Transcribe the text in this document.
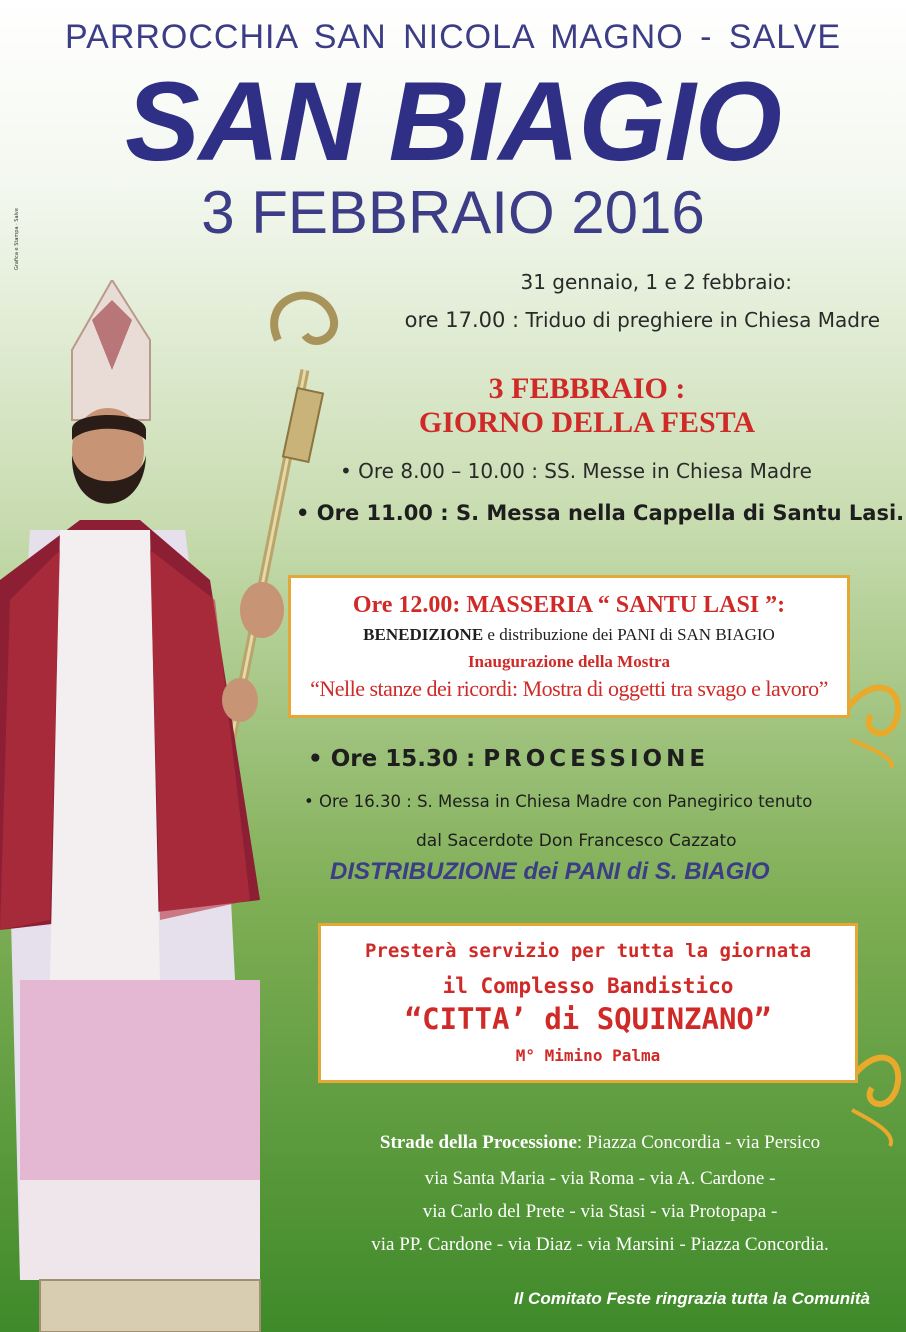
Grafica e Stampa · Salve
PARROCCHIA SAN NICOLA MAGNO - SALVE
SAN BIAGIO
3 FEBBRAIO 2016
31 gennaio, 1 e 2 febbraio:
ore 17.00 : Triduo di preghiere in Chiesa Madre
3 FEBBRAIO :
GIORNO DELLA FESTA
• Ore 8.00 – 10.00 : SS. Messe in Chiesa Madre
• Ore 11.00 : S. Messa nella Cappella di Santu Lasi.
Ore 12.00: MASSERIA “ SANTU LASI ”:
BENEDIZIONE e distribuzione dei PANI di SAN BIAGIO
Inaugurazione della Mostra
“Nelle stanze dei ricordi: Mostra di oggetti tra svago e lavoro”
• Ore 15.30 : PROCESSIONE
• Ore 16.30 : S. Messa in Chiesa Madre con Panegirico tenuto
dal Sacerdote Don Francesco Cazzato
DISTRIBUZIONE dei PANI di S. BIAGIO
Presterà servizio per tutta la giornata
il Complesso Bandistico
“CITTA’ di SQUINZANO”
M° Mimino Palma
Strade della Processione: Piazza Concordia - via Persico
via Santa Maria - via Roma - via A. Cardone -
via Carlo del Prete - via Stasi - via Protopapa -
via PP. Cardone - via Diaz - via Marsini - Piazza Concordia.
Il Comitato Feste ringrazia tutta la Comunità
